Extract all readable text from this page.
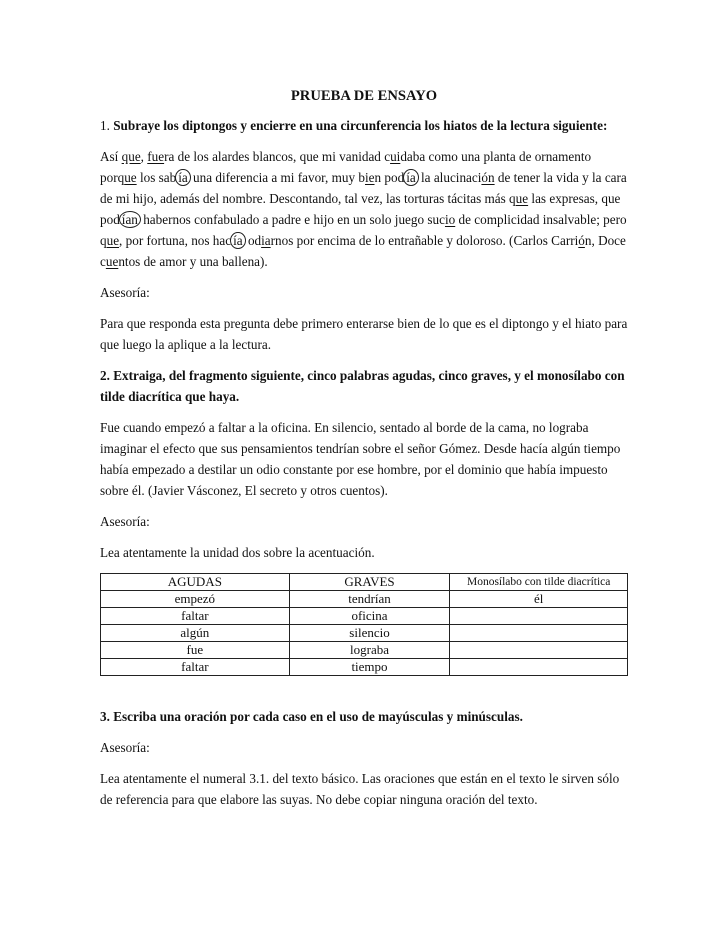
PRUEBA DE ENSAYO

1. Subraye los diptongos y encierre en una circunferencia los hiatos de la lectura siguiente:

Así que, fuera de los alardes blancos, que mi vanidad cuidaba como una planta de ornamento porque los sab ía una diferencia a mi favor, muy bien pod ía la alucinación de tener la vida y la cara de mi hijo, además del nombre. Descontando, tal vez, las torturas tácitas más que las expresas, que pod ían habernos confabulado a padre e hijo en un solo juego sucio de complicidad insalvable; pero que, por fortuna, nos hac ía odiarnos por encima de lo entrañable y doloroso. (Carlos Carrión, Doce cuentos de amor y una ballena).

Asesoría:

Para que responda esta pregunta debe primero enterarse bien de lo que es el diptongo y el hiato para que luego la aplique a la lectura.

2. Extraiga, del fragmento siguiente, cinco palabras agudas, cinco graves, y el monosílabo con tilde diacrítica que haya.

Fue cuando empezó a faltar a la oficina. En silencio, sentado al borde de la cama, no lograba imaginar el efecto que sus pensamientos tendrían sobre el señor Gómez. Desde hacía algún tiempo había empezado a destilar un odio constante por ese hombre, por el dominio que había impuesto sobre él. (Javier Vásconez, El secreto y otros cuentos).

Asesoría:

Lea atentamente la unidad dos sobre la acentuación.

AGUDAS	GRAVES	Monosílabo con tilde diacrítica
empezó	tendrían	él
faltar	oficina	
algún	silencio	
fue	lograba	
faltar	tiempo	

3. Escriba una oración por cada caso en el uso de mayúsculas y minúsculas.

Asesoría:

Lea atentamente el numeral 3.1. del texto básico. Las oraciones que están en el texto le sirven sólo de referencia para que elabore las suyas. No debe copiar ninguna oración del texto.
